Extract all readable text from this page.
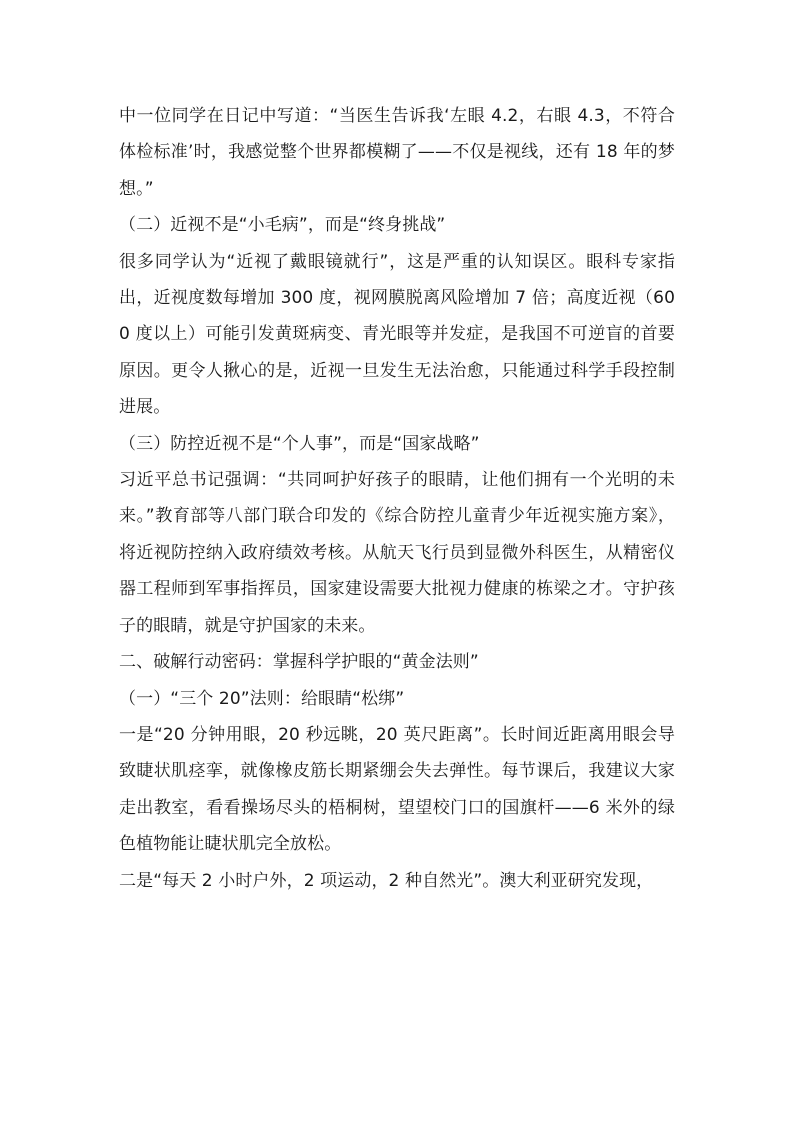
中一位同学在日记中写道：“当医生告诉我‘左眼 4.2，右眼 4.3，不符合体检标准’时，我感觉整个世界都模糊了——不仅是视线，还有 18 年的梦想。”

（二）近视不是“小毛病”，而是“终身挑战”

很多同学认为“近视了戴眼镜就行”，这是严重的认知误区。眼科专家指出，近视度数每增加 300 度，视网膜脱离风险增加 7 倍；高度近视（600 度以上）可能引发黄斑病变、青光眼等并发症，是我国不可逆盲的首要原因。更令人揪心的是，近视一旦发生无法治愈，只能通过科学手段控制进展。

（三）防控近视不是“个人事”，而是“国家战略”

习近平总书记强调：“共同呵护好孩子的眼睛，让他们拥有一个光明的未来。”教育部等八部门联合印发的《综合防控儿童青少年近视实施方案》，将近视防控纳入政府绩效考核。从航天飞行员到显微外科医生，从精密仪器工程师到军事指挥员，国家建设需要大批视力健康的栋梁之才。守护孩子的眼睛，就是守护国家的未来。

二、破解行动密码：掌握科学护眼的“黄金法则”

（一）“三个 20”法则：给眼睛“松绑”

一是“20 分钟用眼，20 秒远眺，20 英尺距离”。长时间近距离用眼会导致睫状肌痉挛，就像橡皮筋长期紧绷会失去弹性。每节课后，我建议大家走出教室，看看操场尽头的梧桐树，望望校门口的国旗杆——6 米外的绿色植物能让睫状肌完全放松。

二是“每天 2 小时户外，2 项运动，2 种自然光”。澳大利亚研究发现，
